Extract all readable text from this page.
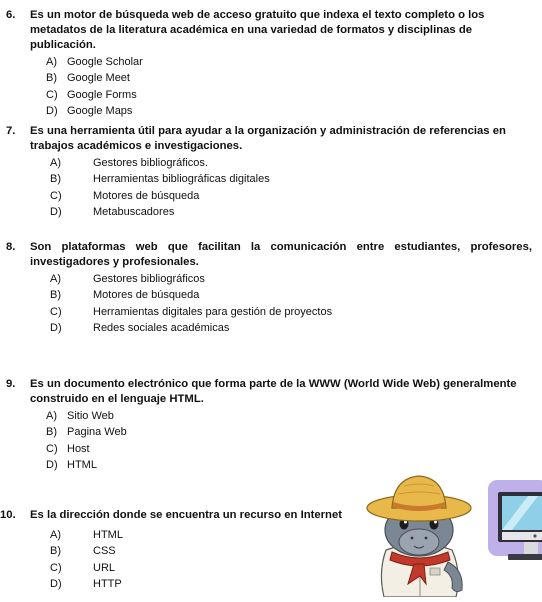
6. Es un motor de búsqueda web de acceso gratuito que indexa el texto completo o los metadatos de la literatura académica en una variedad de formatos y disciplinas de publicación.
A) Google Scholar
B) Google Meet
C) Google Forms
D) Google Maps
7. Es una herramienta útil para ayudar a la organización y administración de referencias en trabajos académicos e investigaciones.
A)	Gestores bibliográficos.
B)	Herramientas bibliográficas digitales
C)	Motores de búsqueda
D)	Metabuscadores
8. Son plataformas web que facilitan la comunicación entre estudiantes, profesores, investigadores y profesionales.
A)	Gestores bibliográficos
B)	Motores de búsqueda
C)	Herramientas digitales para gestión de proyectos
D)	Redes sociales académicas
9. Es un documento electrónico que forma parte de la WWW (World Wide Web) generalmente construido en el lenguaje HTML.
A) Sitio Web
B) Pagina Web
C) Host
D) HTML
10. Es la dirección donde se encuentra un recurso en Internet
A)	HTML
B)	CSS
C)	URL
D)	HTTP
